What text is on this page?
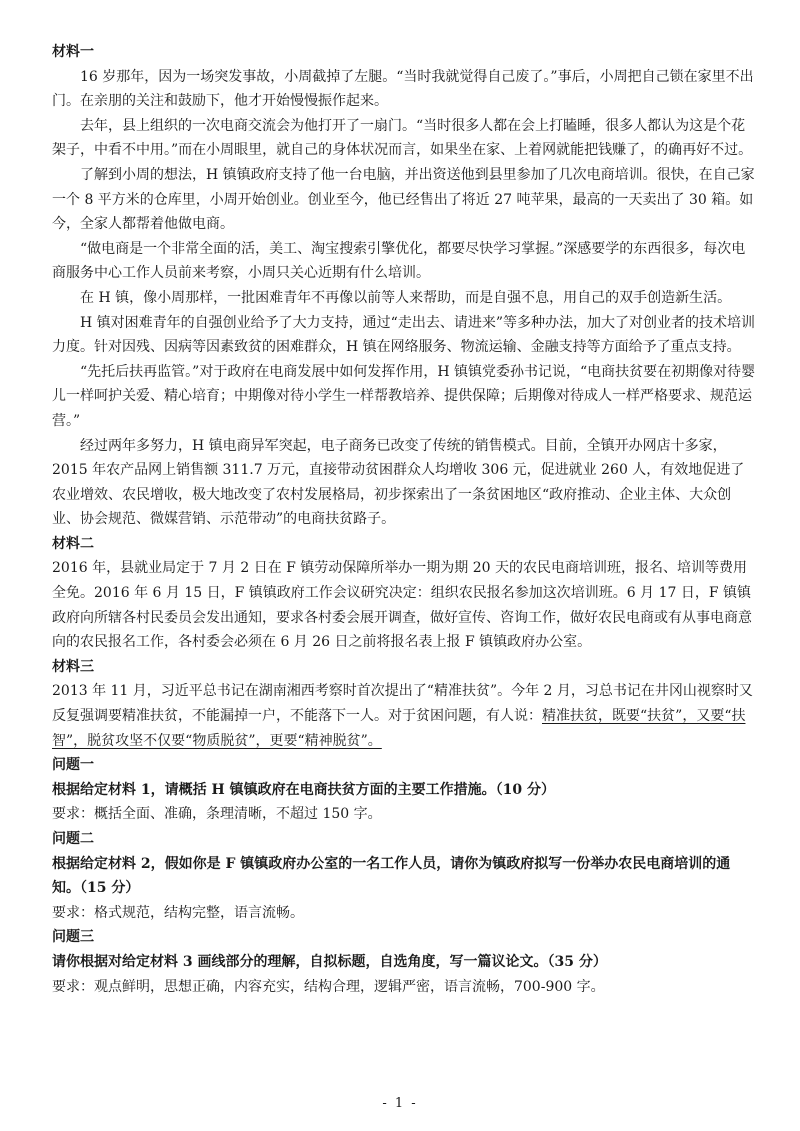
材料一

16 岁那年，因为一场突发事故，小周截掉了左腿。“当时我就觉得自己废了。”事后，小周把自己锁在家里不出门。在亲朋的关注和鼓励下，他才开始慢慢振作起来。

去年，县上组织的一次电商交流会为他打开了一扇门。“当时很多人都在会上打瞌睡，很多人都认为这是个花架子，中看不中用。”而在小周眼里，就自己的身体状况而言，如果坐在家、上着网就能把钱赚了，的确再好不过。

了解到小周的想法，H 镇镇政府支持了他一台电脑，并出资送他到县里参加了几次电商培训。很快，在自己家一个 8 平方米的仓库里，小周开始创业。创业至今，他已经售出了将近 27 吨苹果，最高的一天卖出了 30 箱。如今，全家人都帮着他做电商。

“做电商是一个非常全面的活，美工、淘宝搜索引擎优化，都要尽快学习掌握。”深感要学的东西很多，每次电商服务中心工作人员前来考察，小周只关心近期有什么培训。

在 H 镇，像小周那样，一批困难青年不再像以前等人来帮助，而是自强不息，用自己的双手创造新生活。

H 镇对困难青年的自强创业给予了大力支持，通过“走出去、请进来”等多种办法，加大了对创业者的技术培训力度。针对因残、因病等因素致贫的困难群众，H 镇在网络服务、物流运输、金融支持等方面给予了重点支持。

“先托后扶再监管。”对于政府在电商发展中如何发挥作用，H 镇镇党委孙书记说，“电商扶贫要在初期像对待婴儿一样呵护关爱、精心培育；中期像对待小学生一样帮教培养、提供保障；后期像对待成人一样严格要求、规范运营。”

经过两年多努力，H 镇电商异军突起，电子商务已改变了传统的销售模式。目前，全镇开办网店十多家，2015 年农产品网上销售额 311.7 万元，直接带动贫困群众人均增收 306 元，促进就业 260 人，有效地促进了农业增效、农民增收，极大地改变了农村发展格局，初步探索出了一条贫困地区“政府推动、企业主体、大众创业、协会规范、微媒营销、示范带动”的电商扶贫路子。

材料二

2016 年，县就业局定于 7 月 2 日在 F 镇劳动保障所举办一期为期 20 天的农民电商培训班，报名、培训等费用全免。2016 年 6 月 15 日，F 镇镇政府工作会议研究决定：组织农民报名参加这次培训班。6 月 17 日，F 镇镇政府向所辖各村民委员会发出通知，要求各村委会展开调查，做好宣传、咨询工作，做好农民电商或有从事电商意向的农民报名工作，各村委会必须在 6 月 26 日之前将报名表上报 F 镇镇政府办公室。

材料三

2013 年 11 月，习近平总书记在湖南湘西考察时首次提出了“精准扶贫”。今年 2 月，习总书记在井冈山视察时又反复强调要精准扶贫，不能漏掉一户，不能落下一人。对于贫困问题，有人说：精准扶贫，既要“扶贫”，又要“扶智”，脱贫攻坚不仅要“物质脱贫”，更要“精神脱贫”。

问题一

根据给定材料 1，请概括 H 镇镇政府在电商扶贫方面的主要工作措施。（10 分）

要求：概括全面、准确，条理清晰，不超过 150 字。

问题二

根据给定材料 2，假如你是 F 镇镇政府办公室的一名工作人员，请你为镇政府拟写一份举办农民电商培训的通知。（15 分）

要求：格式规范，结构完整，语言流畅。

问题三

请你根据对给定材料 3 画线部分的理解，自拟标题，自选角度，写一篇议论文。（35 分）

要求：观点鲜明，思想正确，内容充实，结构合理，逻辑严密，语言流畅，700-900 字。

- 1 -
